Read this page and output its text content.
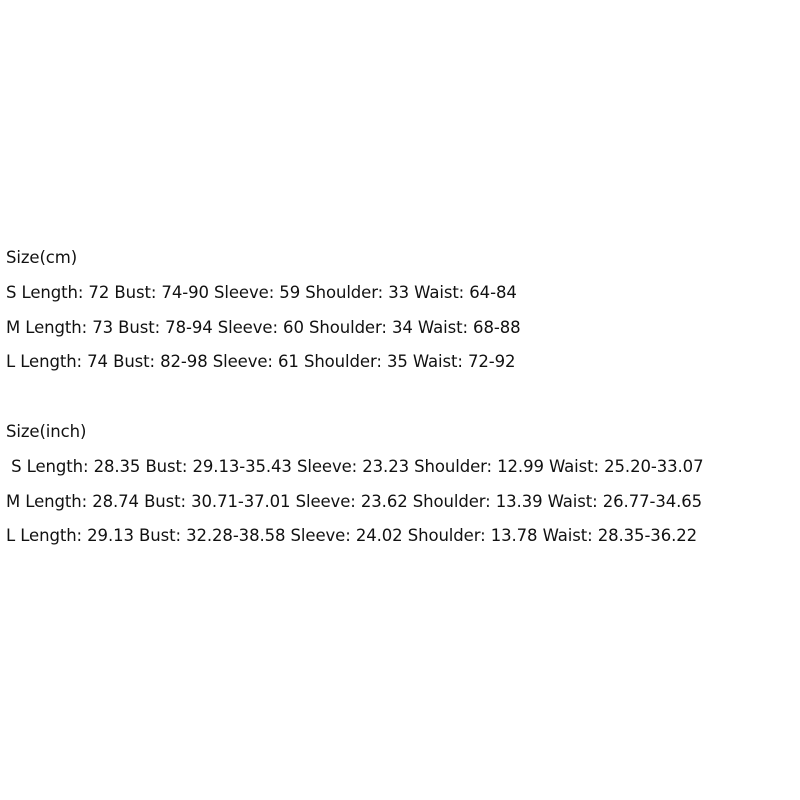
Size(cm)
S Length: 72 Bust: 74-90 Sleeve: 59 Shoulder: 33 Waist: 64-84
M Length: 73 Bust: 78-94 Sleeve: 60 Shoulder: 34 Waist: 68-88
L Length: 74 Bust: 82-98 Sleeve: 61 Shoulder: 35 Waist: 72-92
Size(inch)
S Length: 28.35 Bust: 29.13-35.43 Sleeve: 23.23 Shoulder: 12.99 Waist: 25.20-33.07
M Length: 28.74 Bust: 30.71-37.01 Sleeve: 23.62 Shoulder: 13.39 Waist: 26.77-34.65
L Length: 29.13 Bust: 32.28-38.58 Sleeve: 24.02 Shoulder: 13.78 Waist: 28.35-36.22
